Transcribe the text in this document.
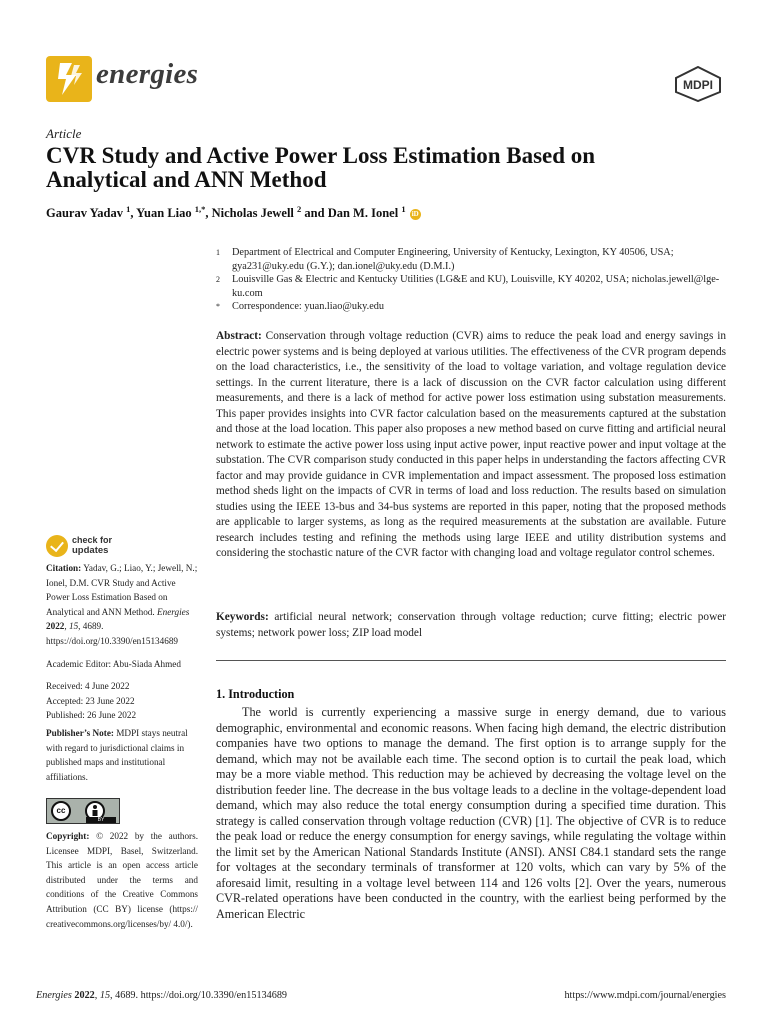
energies	MDPI
Article
CVR Study and Active Power Loss Estimation Based on Analytical and ANN Method
Gaurav Yadav $^1$, Yuan Liao $^{1,*}$, Nicholas Jewell $^2$ and Dan M. Ionel $^1$ iD
1	Department of Electrical and Computer Engineering, University of Kentucky, Lexington, KY 40506, USA; gya231@uky.edu (G.Y.); dan.ionel@uky.edu (D.M.I.)
2	Louisville Gas & Electric and Kentucky Utilities (LG&E and KU), Louisville, KY 40202, USA; nicholas.jewell@lge-ku.com
*	Correspondence: yuan.liao@uky.edu
Abstract: Conservation through voltage reduction (CVR) aims to reduce the peak load and energy savings in electric power systems and is being deployed at various utilities. The effectiveness of the CVR program depends on the load characteristics, i.e., the sensitivity of the load to voltage variation, and voltage regulation device settings. In the current literature, there is a lack of discussion on the CVR factor calculation using different measurements, and there is a lack of method for active power loss estimation using substation measurements. This paper provides insights into CVR factor calculation based on the measurements captured at the substation and those at the load location. This paper also proposes a new method based on curve fitting and artificial neural network to estimate the active power loss using input active power, input reactive power and input voltage at the substation. The CVR comparison study conducted in this paper helps in understanding the factors affecting CVR factor and may provide guidance in CVR implementation and impact assessment. The proposed loss estimation method sheds light on the impacts of CVR in terms of load and loss reduction. The results based on simulation studies using the IEEE 13-bus and 34-bus systems are reported in this paper, noting that the proposed methods are applicable to larger systems, as long as the required measurements at the substation are available. Future research includes testing and refining the methods using large IEEE and utility distribution systems and considering the stochastic nature of the CVR factor with changing load and voltage regulator control schemes.
Keywords: artificial neural network; conservation through voltage reduction; curve fitting; electric power systems; network power loss; ZIP load model
1. Introduction
The world is currently experiencing a massive surge in energy demand, due to various demographic, environmental and economic reasons. When facing high demand, the electric distribution companies have two options to manage the demand. The first option is to arrange supply for the demand, which may not be available each time. The second option is to curtail the peak load, which may be a more viable method. This reduction may be achieved by decreasing the voltage level on the distribution feeder line. The decrease in the bus voltage leads to a decline in the voltage-dependent load demand, which may also reduce the total energy consumption during a specified time duration. This strategy is called conservation through voltage reduction (CVR) [1]. The objective of CVR is to reduce the peak load or reduce the energy consumption for energy savings, while regulating the voltage within the limit set by the American National Standards Institute (ANSI). ANSI C84.1 standard sets the range for voltages at the secondary terminals of transformer at 120 volts, which can vary by 5% of the aforesaid limit, resulting in a voltage level between 114 and 126 volts [2]. Over the years, numerous CVR-related operations have been conducted in the country, with the earliest being performed by the American Electric
check for
updates
Citation: Yadav, G.; Liao, Y.; Jewell, N.; Ionel, D.M. CVR Study and Active Power Loss Estimation Based on Analytical and ANN Method. Energies 2022, 15, 4689. https://doi.org/10.3390/en15134689
Academic Editor: Abu-Siada Ahmed
Received: 4 June 2022
Accepted: 23 June 2022
Published: 26 June 2022
Publisher’s Note: MDPI stays neutral with regard to jurisdictional claims in published maps and institutional affiliations.
cc
BY
Copyright: © 2022 by the authors. Licensee MDPI, Basel, Switzerland. This article is an open access article distributed under the terms and conditions of the Creative Commons Attribution (CC BY) license (https:// creativecommons.org/licenses/by/ 4.0/).
Energies 2022, 15, 4689. https://doi.org/10.3390/en15134689	https://www.mdpi.com/journal/energies
